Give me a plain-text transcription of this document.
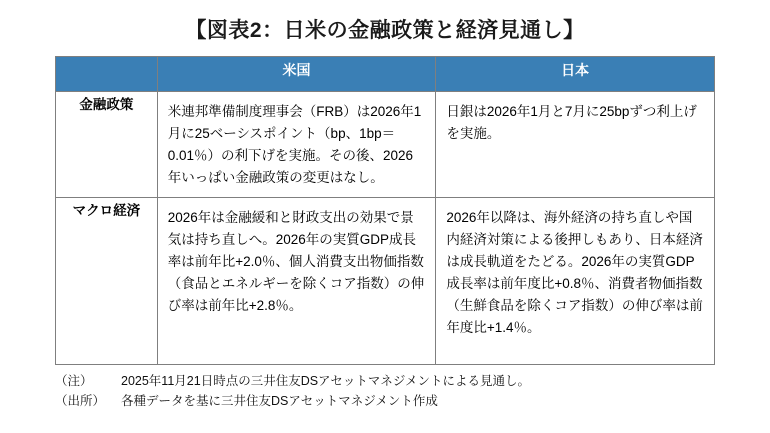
【図表2：日米の金融政策と経済見通し】
	米国	日本
金融政策	米連邦準備制度理事会（FRB）は2026年1月に25ベーシスポイント（bp、1bp＝0.01％）の利下げを実施。その後、2026年いっぱい金融政策の変更はなし。	日銀は2026年1月と7月に25bpずつ利上げを実施。
マクロ経済	2026年は金融緩和と財政支出の効果で景気は持ち直しへ。2026年の実質GDP成長率は前年比+2.0％、個人消費支出物価指数（食品とエネルギーを除くコア指数）の伸び率は前年比+2.8％。	2026年以降は、海外経済の持ち直しや国内経済対策による後押しもあり、日本経済は成長軌道をたどる。2026年の実質GDP成長率は前年度比+0.8％、消費者物価指数（生鮮食品を除くコア指数）の伸び率は前年度比+1.4％。
（注）	2025年11月21日時点の三井住友DSアセットマネジメントによる見通し。
（出所）	各種データを基に三井住友DSアセットマネジメント作成
